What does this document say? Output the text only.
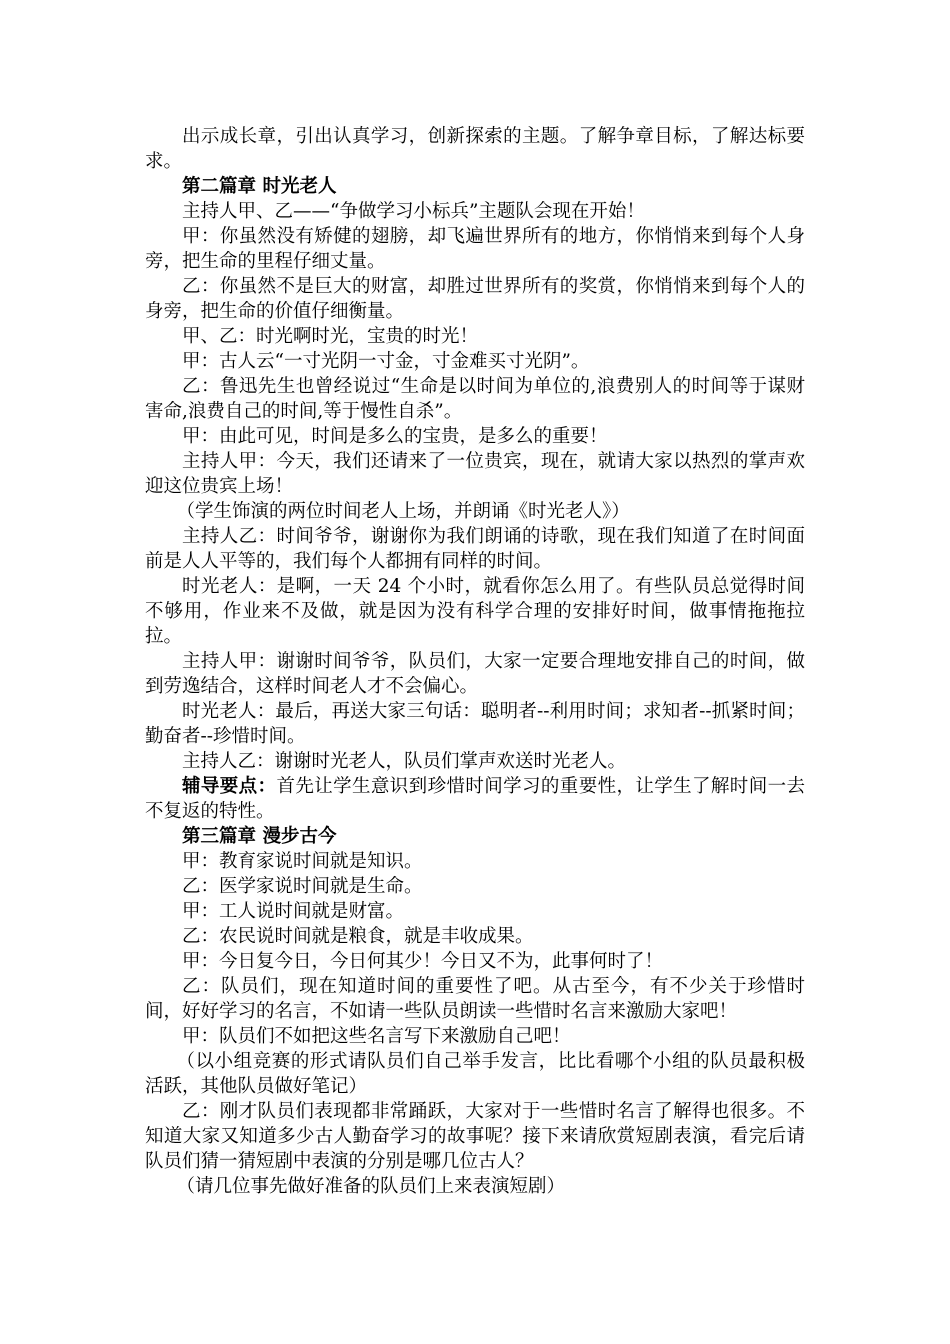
出示成长章，引出认真学习，创新探索的主题。了解争章目标，了解达标要求。

第二篇章 时光老人

主持人甲、乙——“争做学习小标兵”主题队会现在开始！

甲：你虽然没有矫健的翅膀，却飞遍世界所有的地方，你悄悄来到每个人身旁，把生命的里程仔细丈量。

乙：你虽然不是巨大的财富，却胜过世界所有的奖赏，你悄悄来到每个人的身旁，把生命的价值仔细衡量。

甲、乙：时光啊时光，宝贵的时光！

甲：古人云“一寸光阴一寸金，寸金难买寸光阴”。

乙：鲁迅先生也曾经说过“生命是以时间为单位的,浪费别人的时间等于谋财害命,浪费自己的时间,等于慢性自杀”。

甲：由此可见，时间是多么的宝贵，是多么的重要！

主持人甲：今天，我们还请来了一位贵宾，现在，就请大家以热烈的掌声欢迎这位贵宾上场！

（学生饰演的两位时间老人上场，并朗诵《时光老人》）

主持人乙：时间爷爷，谢谢你为我们朗诵的诗歌，现在我们知道了在时间面前是人人平等的，我们每个人都拥有同样的时间。

时光老人：是啊，一天 24 个小时，就看你怎么用了。有些队员总觉得时间不够用，作业来不及做，就是因为没有科学合理的安排好时间，做事情拖拖拉拉。

主持人甲：谢谢时间爷爷，队员们，大家一定要合理地安排自己的时间，做到劳逸结合，这样时间老人才不会偏心。

时光老人：最后，再送大家三句话：聪明者--利用时间；求知者--抓紧时间；勤奋者--珍惜时间。

主持人乙：谢谢时光老人，队员们掌声欢送时光老人。

辅导要点：首先让学生意识到珍惜时间学习的重要性，让学生了解时间一去不复返的特性。

第三篇章 漫步古今

甲：教育家说时间就是知识。

乙：医学家说时间就是生命。

甲：工人说时间就是财富。

乙：农民说时间就是粮食，就是丰收成果。

甲：今日复今日，今日何其少！今日又不为，此事何时了！

乙：队员们，现在知道时间的重要性了吧。从古至今，有不少关于珍惜时间，好好学习的名言，不如请一些队员朗读一些惜时名言来激励大家吧！

甲：队员们不如把这些名言写下来激励自己吧！

（以小组竞赛的形式请队员们自己举手发言，比比看哪个小组的队员最积极活跃，其他队员做好笔记）

乙：刚才队员们表现都非常踊跃，大家对于一些惜时名言了解得也很多。不知道大家又知道多少古人勤奋学习的故事呢？接下来请欣赏短剧表演，看完后请队员们猜一猜短剧中表演的分别是哪几位古人？

（请几位事先做好准备的队员们上来表演短剧）
